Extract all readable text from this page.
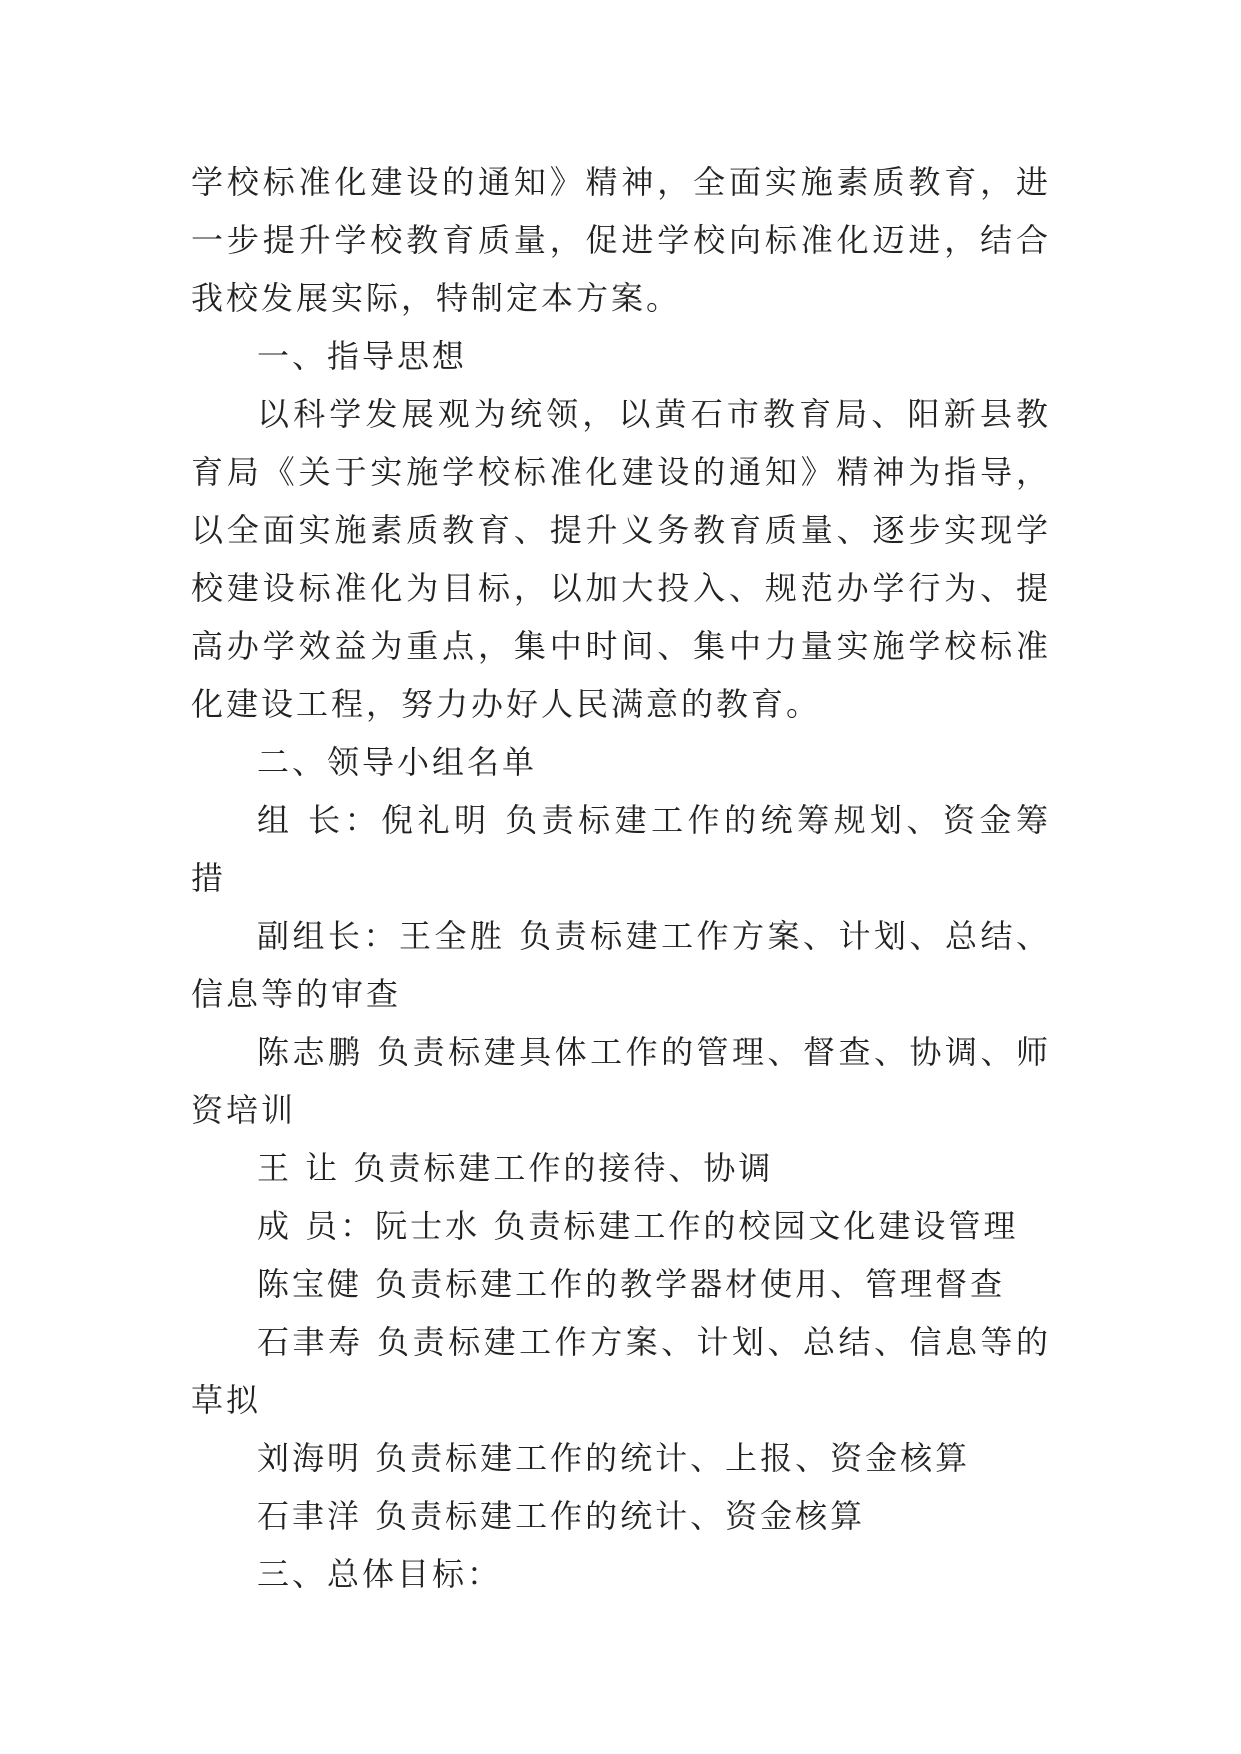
学校标准化建设的通知》精神，全面实施素质教育，进一步提升学校教育质量，促进学校向标准化迈进，结合我校发展实际，特制定本方案。

一、指导思想

以科学发展观为统领，以黄石市教育局、阳新县教育局《关于实施学校标准化建设的通知》精神为指导，以全面实施素质教育、提升义务教育质量、逐步实现学校建设标准化为目标，以加大投入、规范办学行为、提高办学效益为重点，集中时间、集中力量实施学校标准化建设工程，努力办好人民满意的教育。

二、领导小组名单

组 长：倪礼明 负责标建工作的统筹规划、资金筹措

副组长：王全胜 负责标建工作方案、计划、总结、信息等的审查

陈志鹏 负责标建具体工作的管理、督查、协调、师资培训

王 让 负责标建工作的接待、协调

成 员：阮士水 负责标建工作的校园文化建设管理

陈宝健 负责标建工作的教学器材使用、管理督查

石聿寿 负责标建工作方案、计划、总结、信息等的草拟

刘海明 负责标建工作的统计、上报、资金核算

石聿洋 负责标建工作的统计、资金核算

三、总体目标：
